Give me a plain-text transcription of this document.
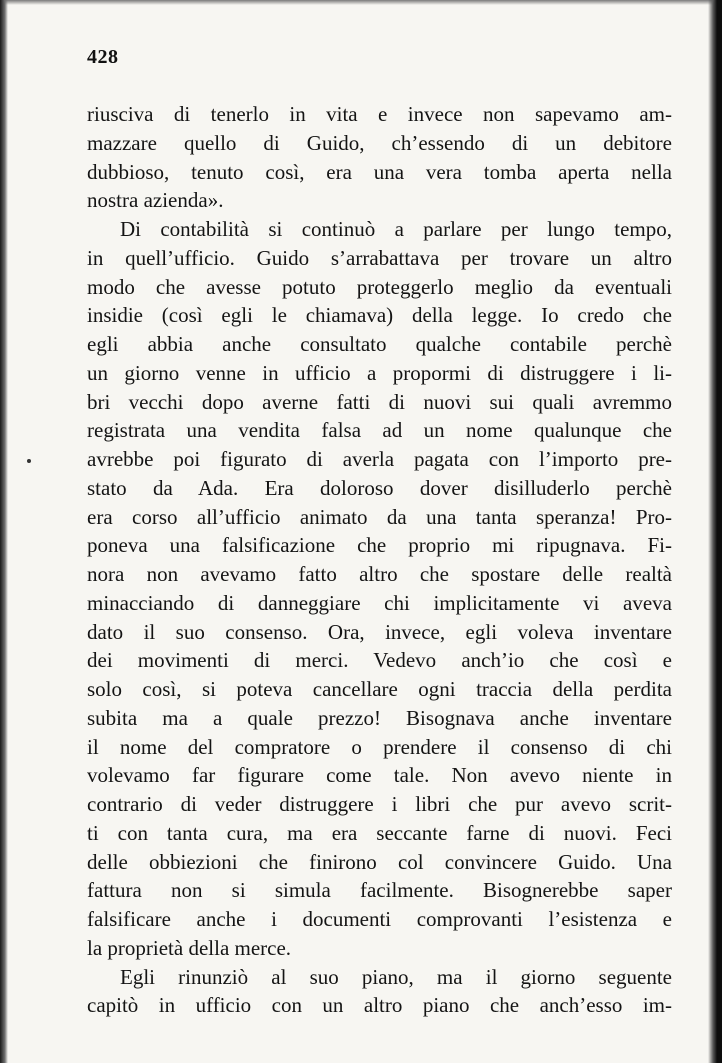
428
riusciva di tenerlo in vita e invece non sapevamo am-
mazzare quello di Guido, ch’essendo di un debitore
dubbioso, tenuto così, era una vera tomba aperta nella
nostra azienda».
Di contabilità si continuò a parlare per lungo tempo,
in quell’ufficio. Guido s’arrabattava per trovare un altro
modo che avesse potuto proteggerlo meglio da eventuali
insidie (così egli le chiamava) della legge. Io credo che
egli abbia anche consultato qualche contabile perchè
un giorno venne in ufficio a propormi di distruggere i li-
bri vecchi dopo averne fatti di nuovi sui quali avremmo
registrata una vendita falsa ad un nome qualunque che
avrebbe poi figurato di averla pagata con l’importo pre-
stato da Ada. Era doloroso dover disilluderlo perchè
era corso all’ufficio animato da una tanta speranza! Pro-
poneva una falsificazione che proprio mi ripugnava. Fi-
nora non avevamo fatto altro che spostare delle realtà
minacciando di danneggiare chi implicitamente vi aveva
dato il suo consenso. Ora, invece, egli voleva inventare
dei movimenti di merci. Vedevo anch’io che così e
solo così, si poteva cancellare ogni traccia della perdita
subita ma a quale prezzo! Bisognava anche inventare
il nome del compratore o prendere il consenso di chi
volevamo far figurare come tale. Non avevo niente in
contrario di veder distruggere i libri che pur avevo scrit-
ti con tanta cura, ma era seccante farne di nuovi. Feci
delle obbiezioni che finirono col convincere Guido. Una
fattura non si simula facilmente. Bisognerebbe saper
falsificare anche i documenti comprovanti l’esistenza e
la proprietà della merce.
Egli rinunziò al suo piano, ma il giorno seguente
capitò in ufficio con un altro piano che anch’esso im-
